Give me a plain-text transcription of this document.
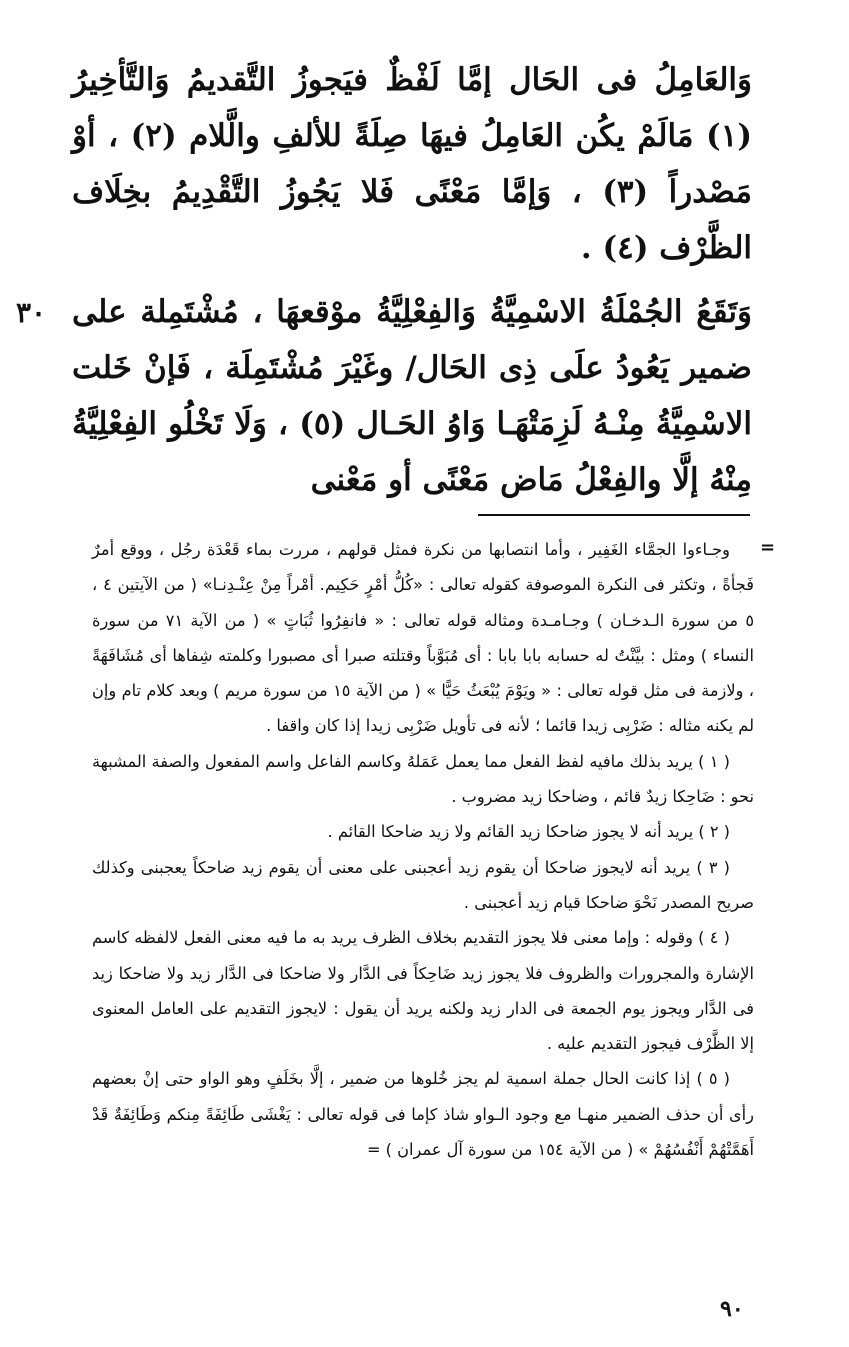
وَالعَامِلُ فى الحَال إمَّا لَفْظٌ فيَجوزُ التَّقديمُ وَالتَّأخِيرُ (١) مَالَمْ يكُن العَامِلُ فيهَا صِلَةً للألفِ والَّلام (٢) ، أوْ مَصْدراً (٣) ، وَإمَّا مَعْنًى فَلا يَجُوزُ التَّقْدِيمُ بخِلَاف الظَّرْف (٤) .

وَتَقَعُ الجُمْلَةُ الاسْمِيَّةُ وَالفِعْلِيَّةُ موْقعهَا ، مُشْتَمِلة على ضمير يَعُودُ علَى ذِى الحَال/ وغَيْرَ مُشْتَمِلَة ، فَإنْ خَلت الاسْمِيَّةُ مِنْـهُ لَزِمَتْهَـا وَاوُ الحَـال (٥) ، وَلَا تَخْلُو الفِعْلِيَّةُ مِنْهُ إلَّا والفِعْلُ مَاض مَعْنًى أو مَعْنى

٣٠
=

وجـاءوا الجمَّاء الغَفِير ، وأما انتصابها من نكرة فمثل قولهم ، مررت بماء قَعْدَة رجُل ، ووقع أمرٌ فَجأةً ، وتكثر فى النكرة الموصوفة كقوله تعالى : «كُلُّ أمْرٍ حَكِيم. أمْراً مِنْ عِنْـدِنـا» ( من الآيتين ٤ ، ٥ من سورة الـدخـان ) وجـامـدة ومثاله قوله تعالى : « فانفِرُوا ثُبَاتٍ » ( من الآية ٧١ من سورة النساء ) ومثل : بيَّنْتُ له حسابه بابا بابا : أى مُبَوَّباً وقتلته صبرا أى مصبورا وكلمته شِفاها أى مُشَافَهَةً ، ولازمة فى مثل قوله تعالى : « ويَوْمَ يُبْعَثُ حَيًّا » ( من الآية ١٥ من سورة مريم ) وبعد كلام تام وإن لم يكنه مثاله : ضَرْبِى زيدا قائما ؛ لأنه فى تأويل ضَرْبِى زيدا إذا كان واقفا .

( ١ ) يريد بذلك مافيه لفظ الفعل مما يعمل عَمَلهُ وكاسم الفاعل واسم المفعول والصفة المشبهة نحو : ضَاحِكا زيدٌ قائم ، وضاحكا زيد مضروب .

( ٢ ) يريد أنه لا يجوز ضاحكا زيد القائم ولا زيد ضاحكا القائم .

( ٣ ) يريد أنه لايجوز ضاحكا أن يقوم زيد أعجبنى على معنى أن يقوم زيد ضاحكاً يعجبنى وكذلك صريح المصدر نَحْوَ ضاحكا قيام زيد أعجبنى .

( ٤ ) وقوله : وإما معنى فلا يجوز التقديم بخلاف الظرف يريد به ما فيه معنى الفعل لالفظه كاسم الإشارة والمجرورات والظروف فلا يجوز زيد ضَاحِكاً فى الدَّار ولا ضاحكا فى الدَّار زيد ولا ضاحكا زيد فى الدَّار ويجوز يوم الجمعة فى الدار زيد ولكنه يريد أن يقول : لايجوز التقديم على العامل المعنوى إلا الظَّرْف فيجوز التقديم عليه .

( ٥ ) إذا كانت الحال جملة اسمية لم يجز خُلوها من ضمير ، إلَّا بخَلَفٍ وهو الواو حتى إنْ بعضهم رأى أن حذف الضمير منهـا مع وجود الـواو شاذ كإما فى قوله تعالى : يَغْشَى طَائِفَةً مِنكم وَطَائِفَةٌ قَدْ أَهَمَّتْهُمْ أَنْفُسُهُمْ » ( من الآية ١٥٤ من سورة آل عمران ) =

٩٠
